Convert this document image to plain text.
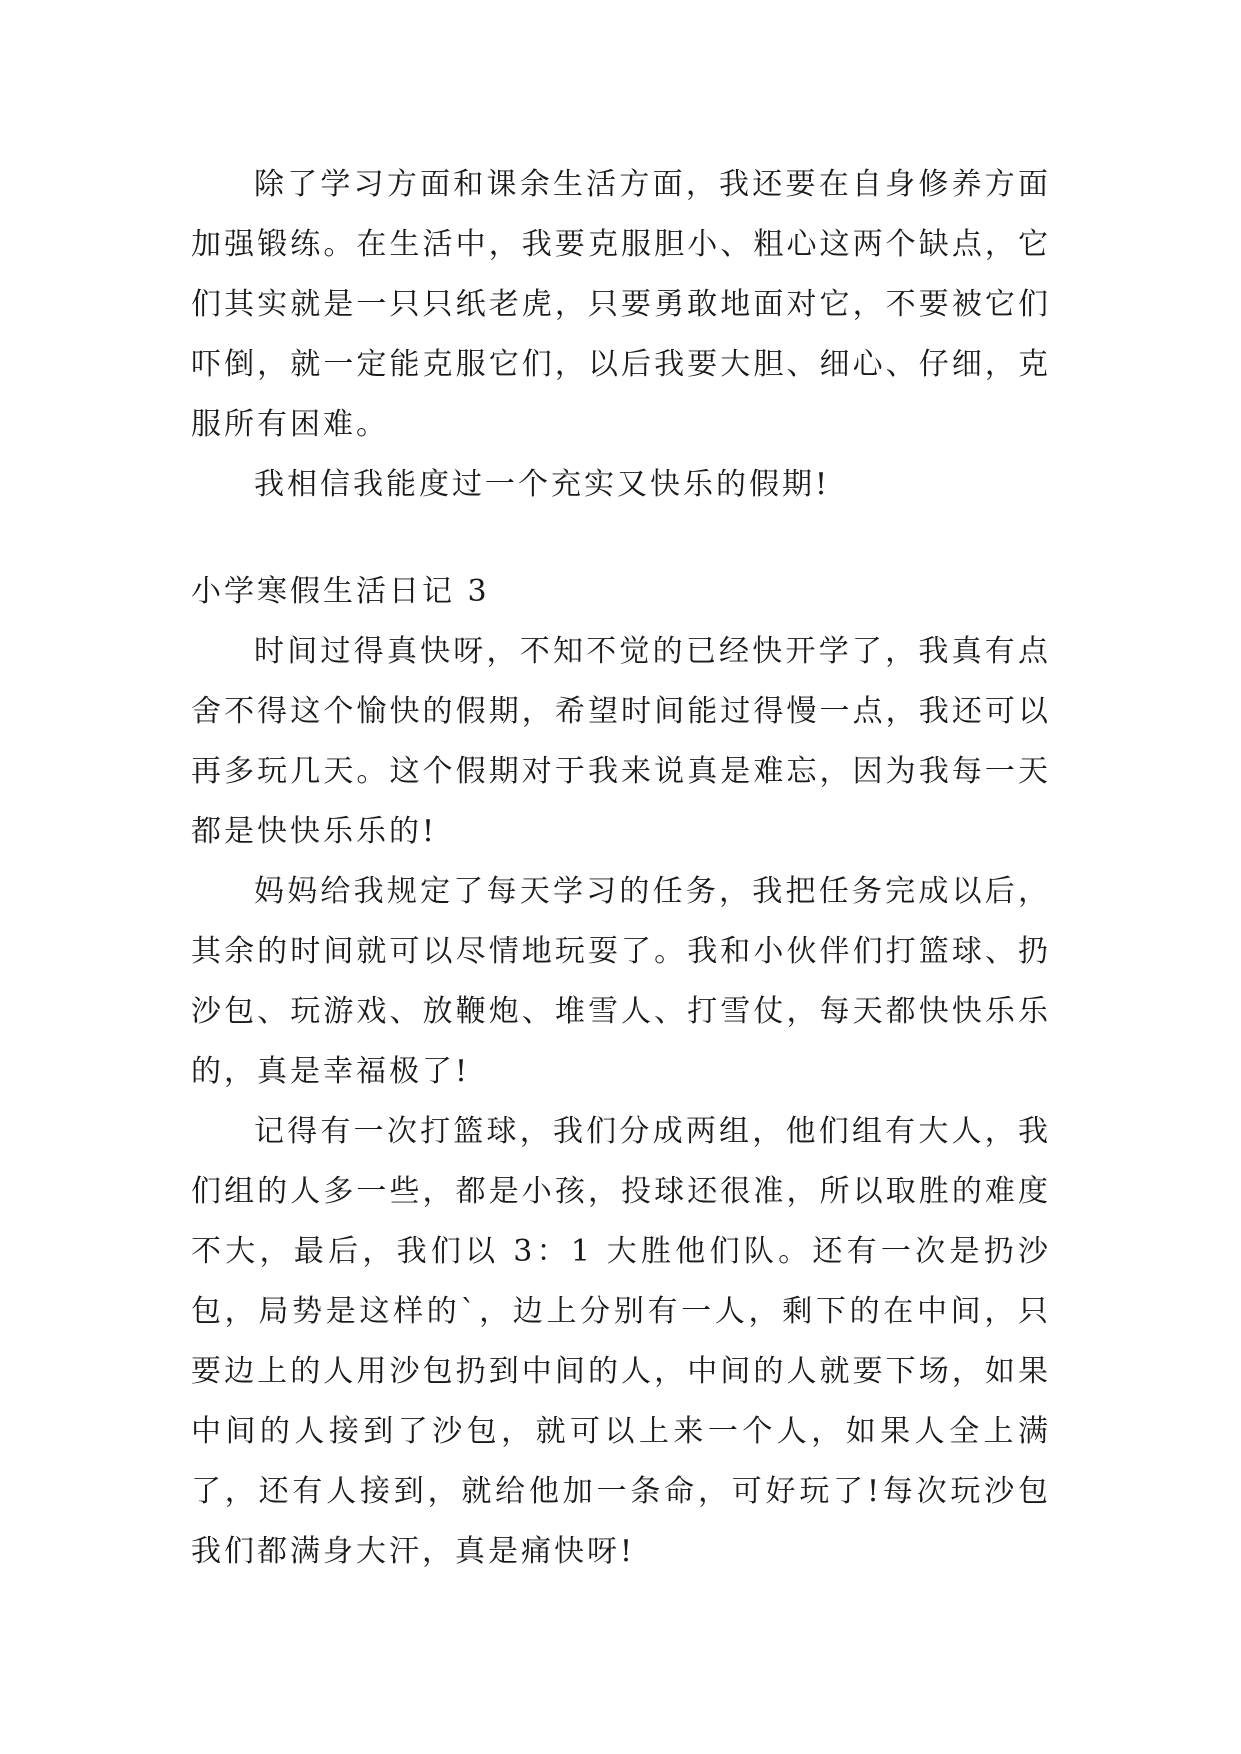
除了学习方面和课余生活方面，我还要在自身修养方面加强锻练。在生活中，我要克服胆小、粗心这两个缺点，它们其实就是一只只纸老虎，只要勇敢地面对它，不要被它们吓倒，就一定能克服它们，以后我要大胆、细心、仔细，克服所有困难。

我相信我能度过一个充实又快乐的假期!

小学寒假生活日记 3

时间过得真快呀，不知不觉的已经快开学了，我真有点舍不得这个愉快的假期，希望时间能过得慢一点，我还可以再多玩几天。这个假期对于我来说真是难忘，因为我每一天都是快快乐乐的!

妈妈给我规定了每天学习的任务，我把任务完成以后，其余的时间就可以尽情地玩耍了。我和小伙伴们打篮球、扔沙包、玩游戏、放鞭炮、堆雪人、打雪仗，每天都快快乐乐的，真是幸福极了!

记得有一次打篮球，我们分成两组，他们组有大人，我们组的人多一些，都是小孩，投球还很准，所以取胜的难度不大，最后，我们以 3：1 大胜他们队。还有一次是扔沙包，局势是这样的`，边上分别有一人，剩下的在中间，只要边上的人用沙包扔到中间的人，中间的人就要下场，如果中间的人接到了沙包，就可以上来一个人，如果人全上满了，还有人接到，就给他加一条命，可好玩了!每次玩沙包我们都满身大汗，真是痛快呀!
